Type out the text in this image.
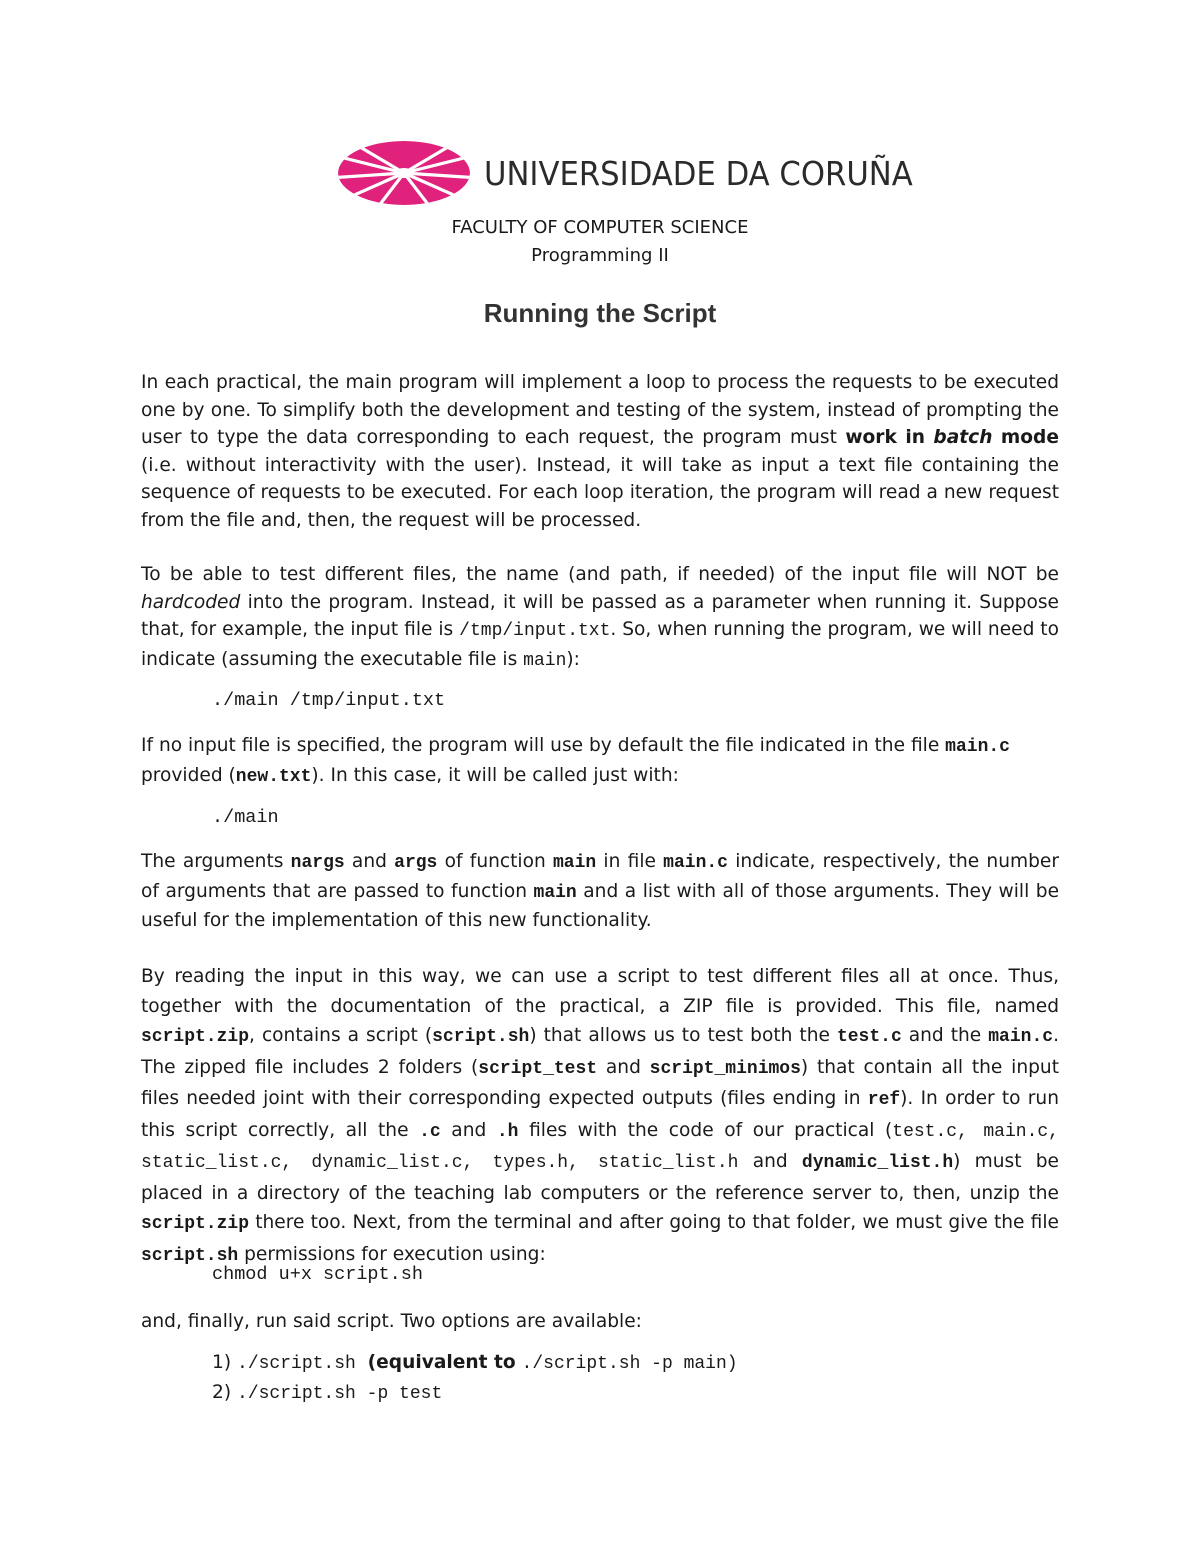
UNIVERSIDADE DA CORUÑA
FACULTY OF COMPUTER SCIENCE
Programming II
Running the Script

In each practical, the main program will implement a loop to process the requests to be executed one by one. To simplify both the development and testing of the system, instead of prompting the user to type the data corresponding to each request, the program must work in batch mode (i.e. without interactivity with the user). Instead, it will take as input a text file containing the sequence of requests to be executed. For each loop iteration, the program will read a new request from the file and, then, the request will be processed.

To be able to test different files, the name (and path, if needed) of the input file will NOT be hardcoded into the program. Instead, it will be passed as a parameter when running it. Suppose that, for example, the input file is /tmp/input.txt. So, when running the program, we will need to indicate (assuming the executable file is main):

./main /tmp/input.txt

If no input file is specified, the program will use by default the file indicated in the file main.c provided (new.txt). In this case, it will be called just with:

./main

The arguments nargs and args of function main in file main.c indicate, respectively, the number of arguments that are passed to function main and a list with all of those arguments. They will be useful for the implementation of this new functionality.

By reading the input in this way, we can use a script to test different files all at once. Thus, together with the documentation of the practical, a ZIP file is provided. This file, named script.zip, contains a script (script.sh) that allows us to test both the test.c and the main.c. The zipped file includes 2 folders (script_test and script_minimos) that contain all the input files needed joint with their corresponding expected outputs (files ending in ref). In order to run this script correctly, all the .c and .h files with the code of our practical (test.c, main.c, static_list.c, dynamic_list.c, types.h, static_list.h and dynamic_list.h) must be placed in a directory of the teaching lab computers or the reference server to, then, unzip the script.zip there too. Next, from the terminal and after going to that folder, we must give the file script.sh permissions for execution using:

chmod u+x script.sh

and, finally, run said script. Two options are available:

1) ./script.sh (equivalent to ./script.sh -p main)
2) ./script.sh -p test
